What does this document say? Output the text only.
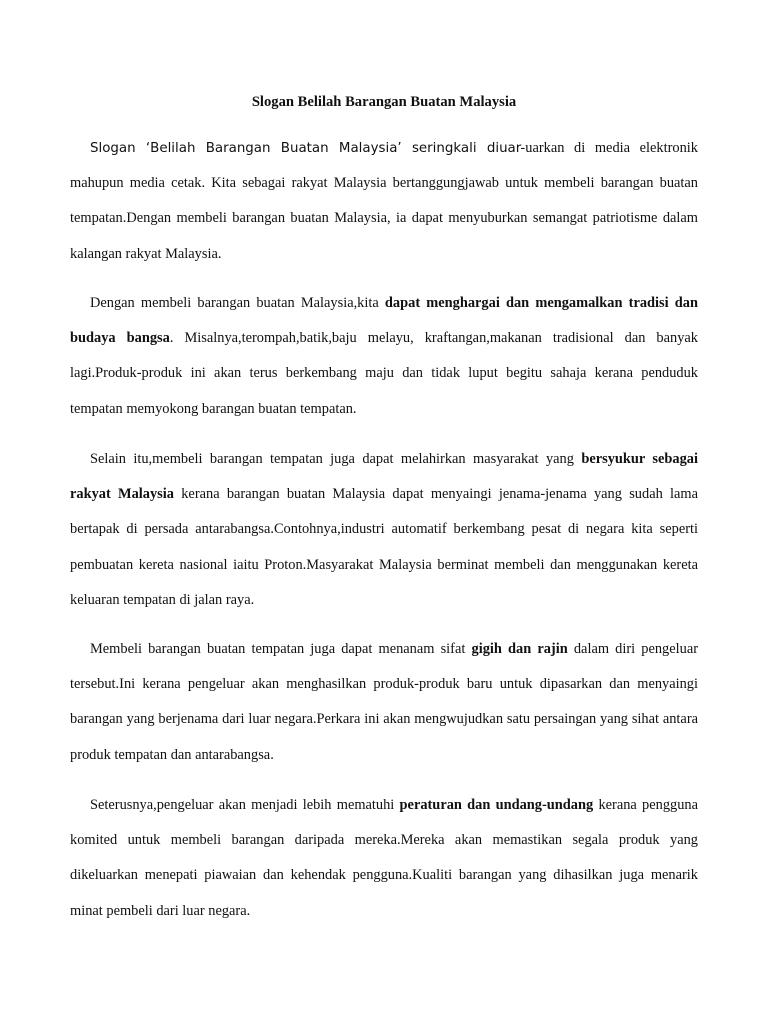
Slogan Belilah Barangan Buatan Malaysia

Slogan ‘Belilah Barangan Buatan Malaysia’ seringkali diuar-uarkan di media elektronik mahupun media cetak. Kita sebagai rakyat Malaysia bertanggungjawab untuk membeli barangan buatan tempatan.Dengan membeli barangan buatan Malaysia, ia dapat menyuburkan semangat patriotisme dalam kalangan rakyat Malaysia.

Dengan membeli barangan buatan Malaysia,kita dapat menghargai dan mengamalkan tradisi dan budaya bangsa. Misalnya,terompah,batik,baju melayu, kraftangan,makanan tradisional dan banyak lagi.Produk-produk ini akan terus berkembang maju dan tidak luput begitu sahaja kerana penduduk tempatan memyokong barangan buatan tempatan.

Selain itu,membeli barangan tempatan juga dapat melahirkan masyarakat yang bersyukur sebagai rakyat Malaysia kerana barangan buatan Malaysia dapat menyaingi jenama-jenama yang sudah lama bertapak di persada antarabangsa.Contohnya,industri automatif berkembang pesat di negara kita seperti pembuatan kereta nasional iaitu Proton.Masyarakat Malaysia berminat membeli dan menggunakan kereta keluaran tempatan di jalan raya.

Membeli barangan buatan tempatan juga dapat menanam sifat gigih dan rajin dalam diri pengeluar tersebut.Ini kerana pengeluar akan menghasilkan produk-produk baru untuk dipasarkan dan menyaingi barangan yang berjenama dari luar negara.Perkara ini akan mengwujudkan satu persaingan yang sihat antara produk tempatan dan antarabangsa.

Seterusnya,pengeluar akan menjadi lebih mematuhi peraturan dan undang-undang kerana pengguna komited untuk membeli barangan daripada mereka.Mereka akan memastikan segala produk yang dikeluarkan menepati piawaian dan kehendak pengguna.Kualiti barangan yang dihasilkan juga menarik minat pembeli dari luar negara.
